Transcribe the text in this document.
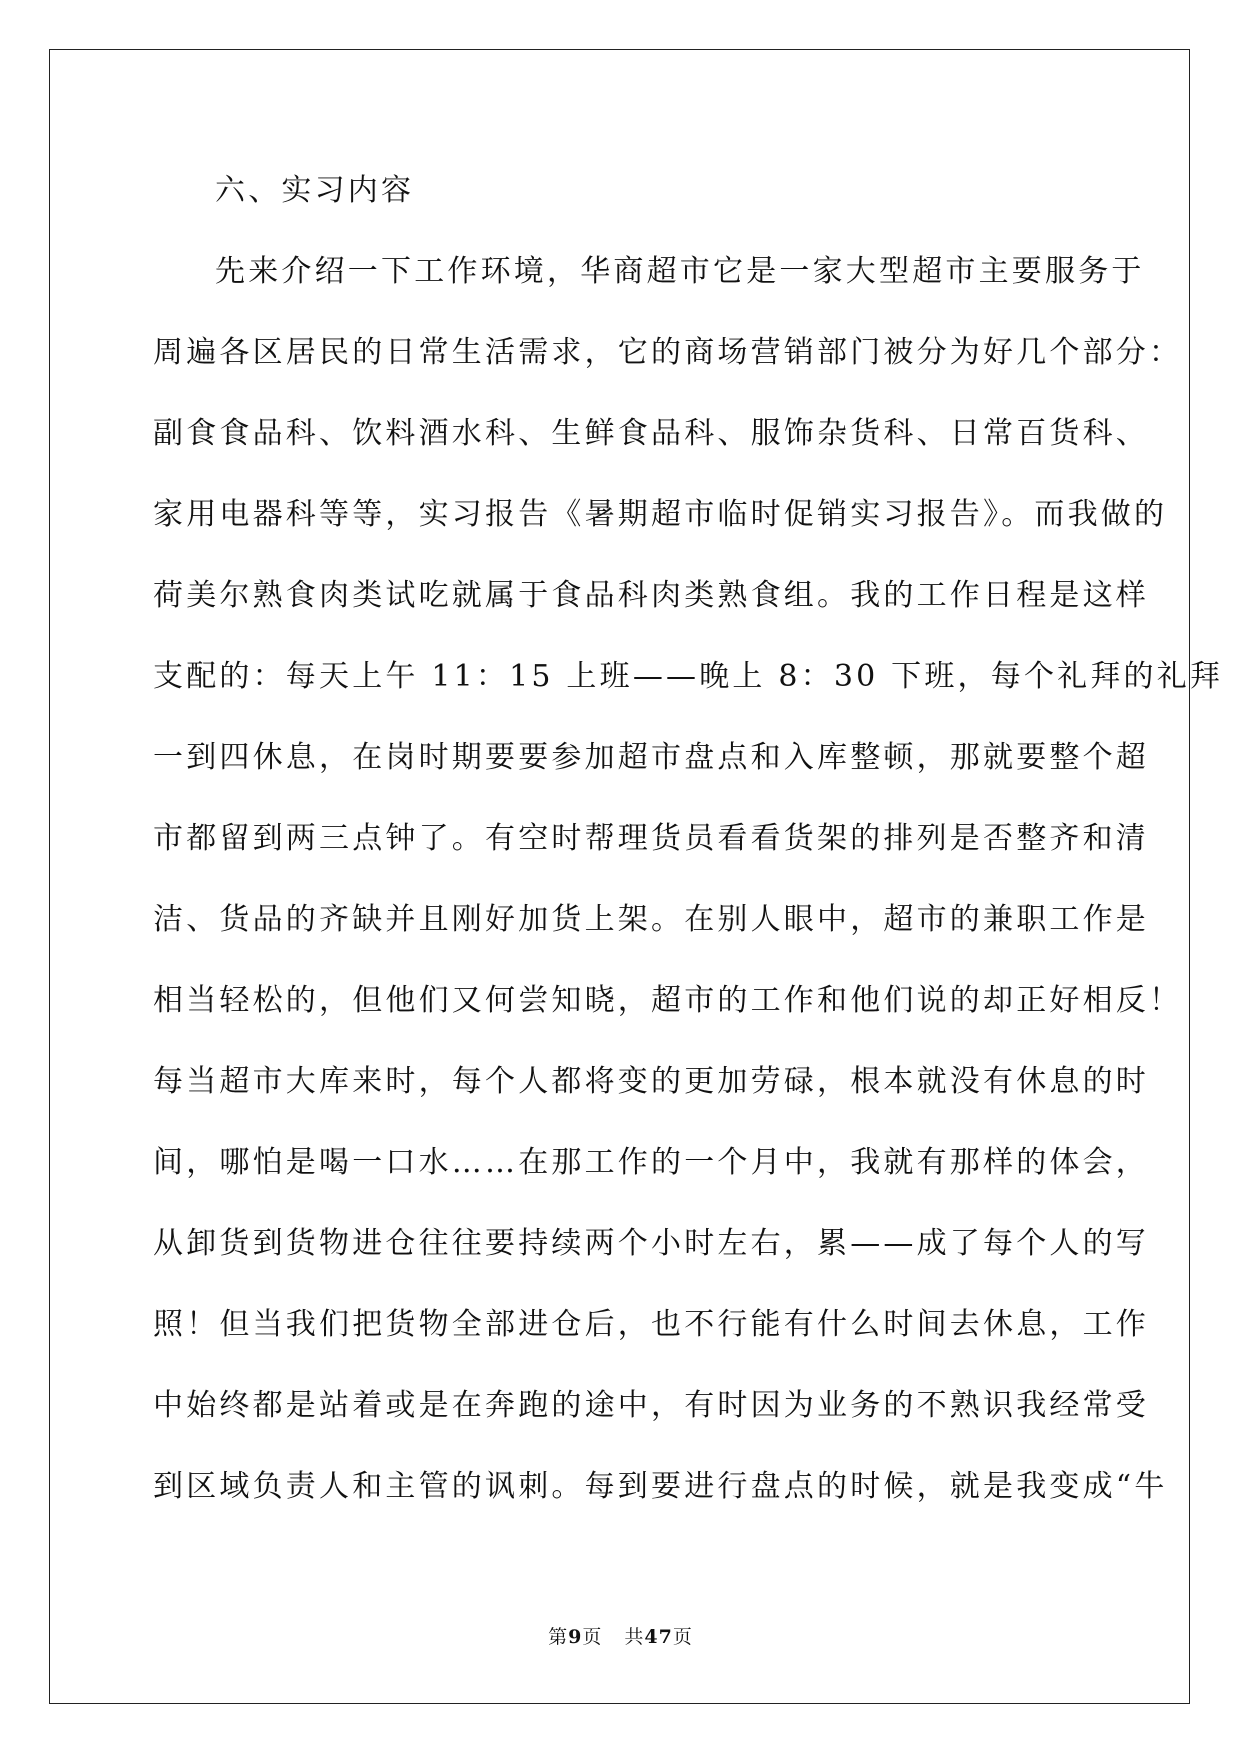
六、实习内容
先来介绍一下工作环境，华商超市它是一家大型超市主要服务于
周遍各区居民的日常生活需求，它的商场营销部门被分为好几个部分：
副食食品科、饮料酒水科、生鲜食品科、服饰杂货科、日常百货科、
家用电器科等等，实习报告《暑期超市临时促销实习报告》。而我做的
荷美尔熟食肉类试吃就属于食品科肉类熟食组。我的工作日程是这样
支配的：每天上午 11：15 上班——晚上 8：30 下班，每个礼拜的礼拜
一到四休息，在岗时期要要参加超市盘点和入库整顿，那就要整个超
市都留到两三点钟了。有空时帮理货员看看货架的排列是否整齐和清
洁、货品的齐缺并且刚好加货上架。在别人眼中，超市的兼职工作是
相当轻松的，但他们又何尝知晓，超市的工作和他们说的却正好相反！
每当超市大库来时，每个人都将变的更加劳碌，根本就没有休息的时
间，哪怕是喝一口水……在那工作的一个月中，我就有那样的体会，
从卸货到货物进仓往往要持续两个小时左右，累——成了每个人的写
照！但当我们把货物全部进仓后，也不行能有什么时间去休息，工作
中始终都是站着或是在奔跑的途中，有时因为业务的不熟识我经常受
到区域负责人和主管的讽刺。每到要进行盘点的时候，就是我变成“牛
第9页 共47页
